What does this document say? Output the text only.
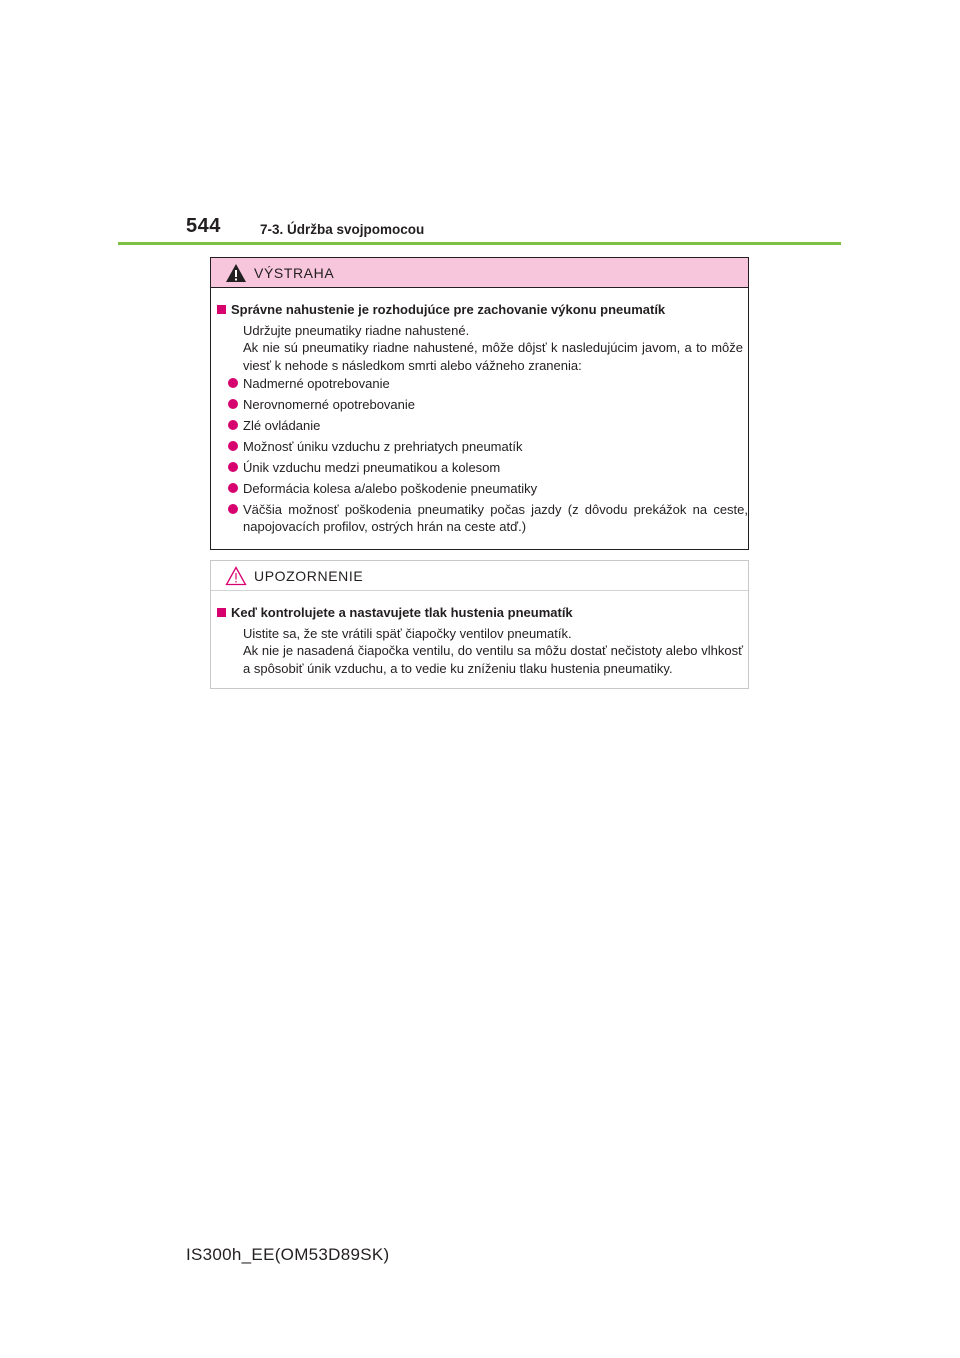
544	7-3. Údržba svojpomocou
VÝSTRAHA
Správne nahustenie je rozhodujúce pre zachovanie výkonu pneumatík
Udržujte pneumatiky riadne nahustené.
Ak nie sú pneumatiky riadne nahustené, môže dôjsť k nasledujúcim javom, a to môže viesť k nehode s následkom smrti alebo vážneho zranenia:
Nadmerné opotrebovanie
Nerovnomerné opotrebovanie
Zlé ovládanie
Možnosť úniku vzduchu z prehriatych pneumatík
Únik vzduchu medzi pneumatikou a kolesom
Deformácia kolesa a/alebo poškodenie pneumatiky
Väčšia možnosť poškodenia pneumatiky počas jazdy (z dôvodu prekážok na ceste, napojovacích profilov, ostrých hrán na ceste atď.)
UPOZORNENIE
Keď kontrolujete a nastavujete tlak hustenia pneumatík
Uistite sa, že ste vrátili späť čiapočky ventilov pneumatík.
Ak nie je nasadená čiapočka ventilu, do ventilu sa môžu dostať nečistoty alebo vlhkosť a spôsobiť únik vzduchu, a to vedie ku zníženiu tlaku hustenia pneumatiky.
IS300h_EE(OM53D89SK)
